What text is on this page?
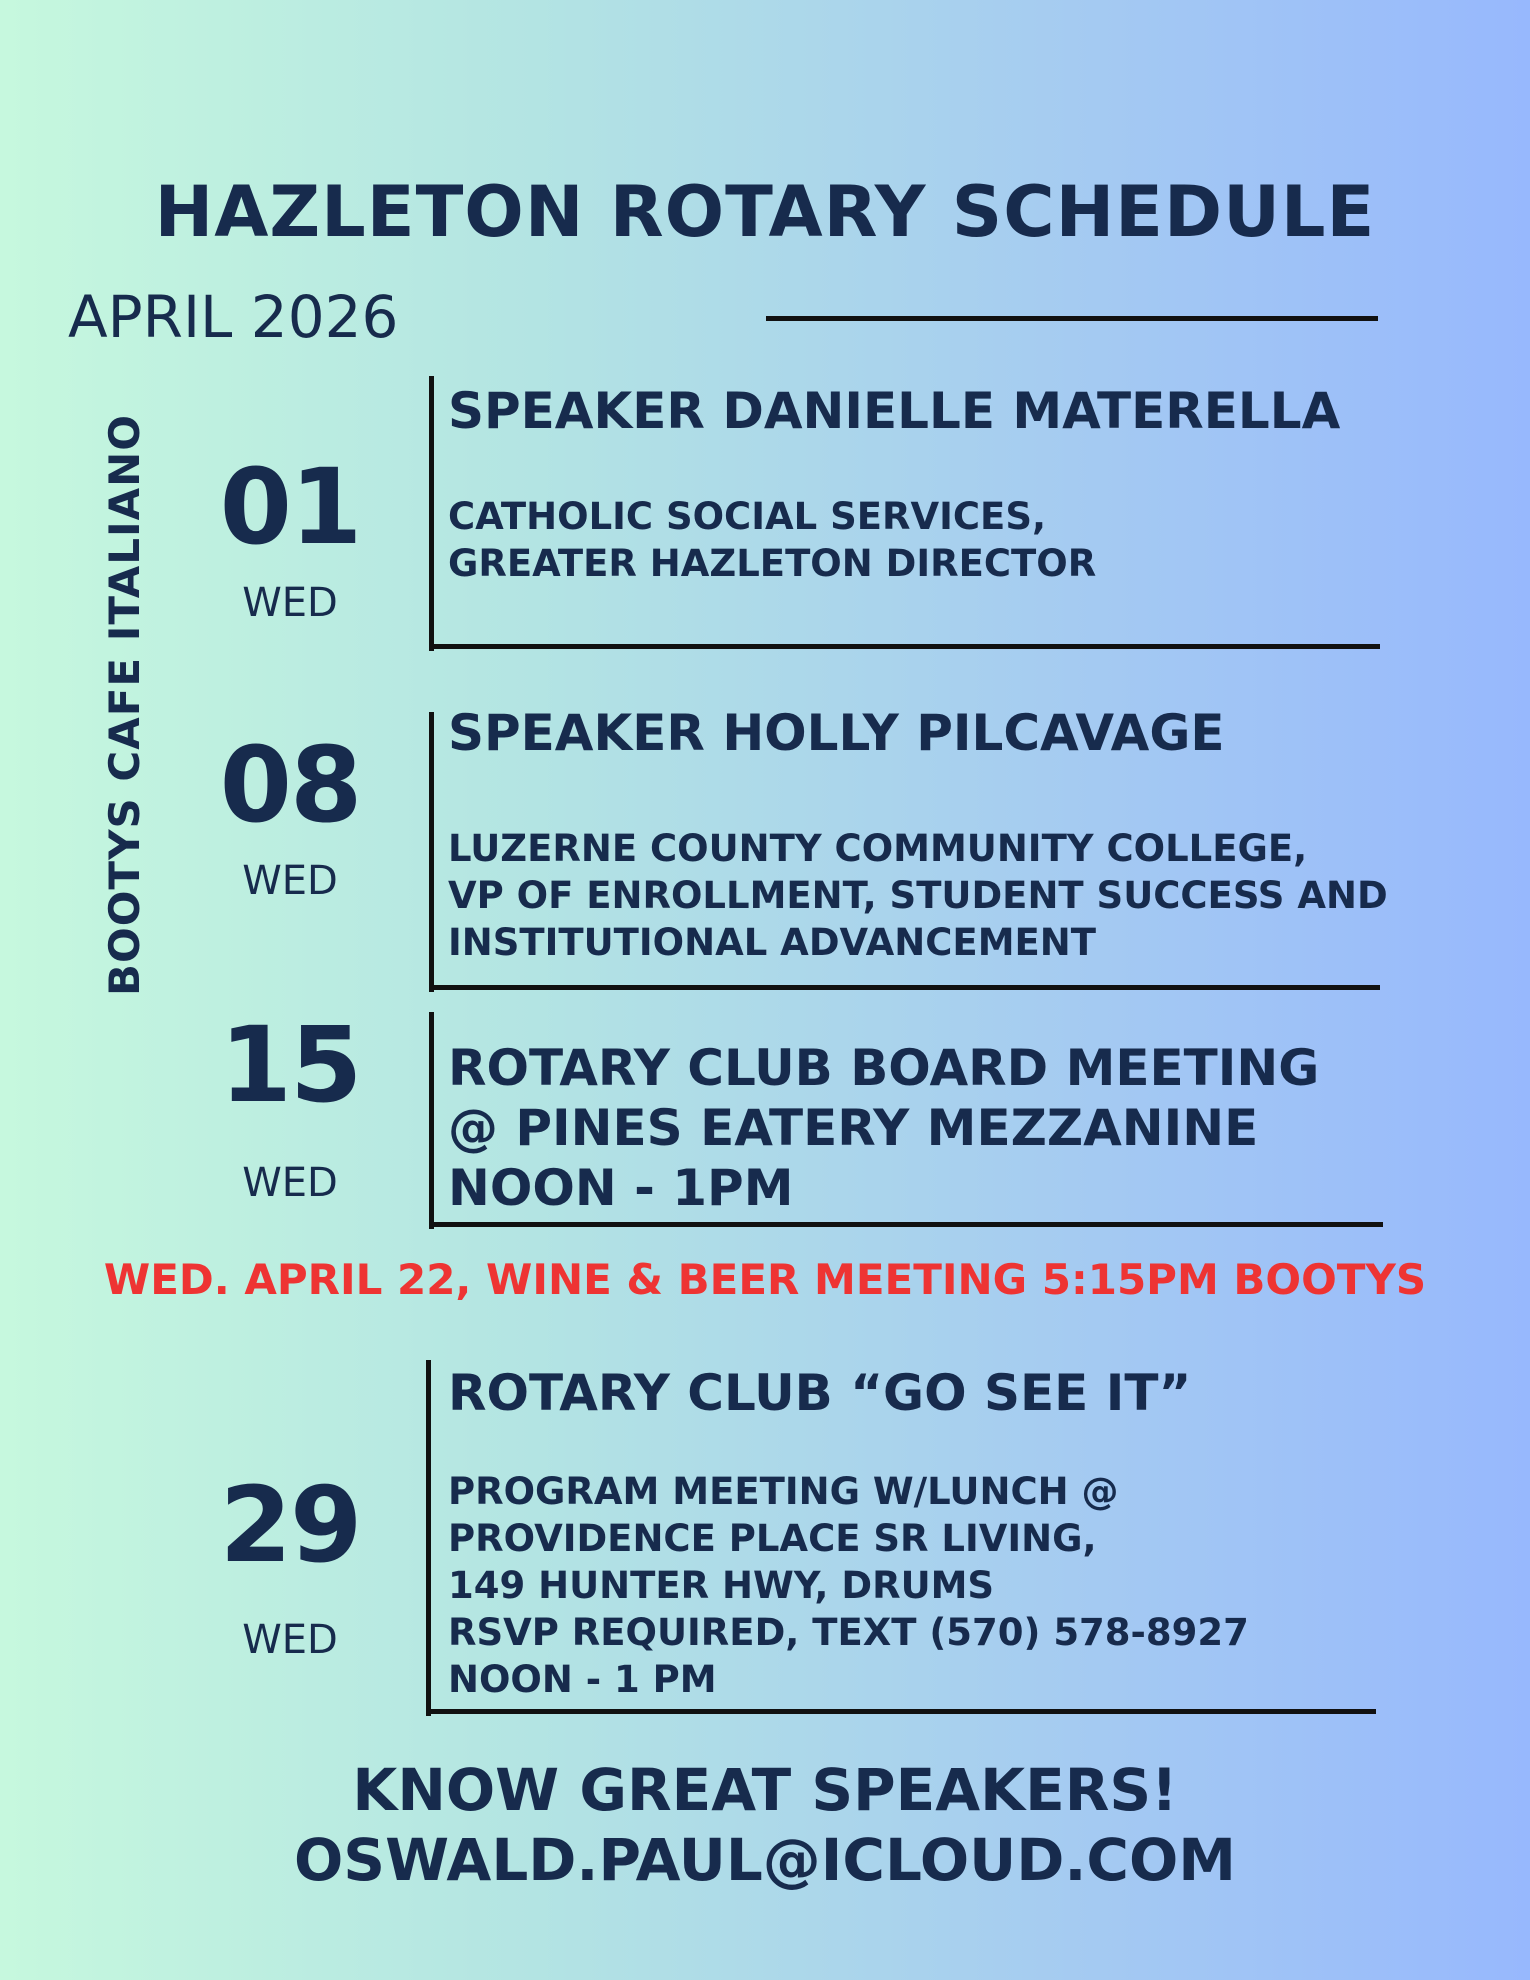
HAZLETON ROTARY SCHEDULE
APRIL 2026
BOOTYS CAFE ITALIANO 01
WED
SPEAKER DANIELLE MATERELLA
CATHOLIC SOCIAL SERVICES,
GREATER HAZLETON DIRECTOR
08
WED
SPEAKER HOLLY PILCAVAGE
LUZERNE COUNTY COMMUNITY COLLEGE,
VP OF ENROLLMENT, STUDENT SUCCESS AND
INSTITUTIONAL ADVANCEMENT
15
WED
ROTARY CLUB BOARD MEETING
@ PINES EATERY MEZZANINE
NOON - 1PM
WED. APRIL 22, WINE & BEER MEETING 5:15PM BOOTYS
29
WED
ROTARY CLUB “GO SEE IT”
PROGRAM MEETING W/LUNCH @
PROVIDENCE PLACE SR LIVING,
149 HUNTER HWY, DRUMS
RSVP REQUIRED, TEXT (570) 578-8927
NOON - 1 PM
KNOW GREAT SPEAKERS!
OSWALD.PAUL@ICLOUD.COM
